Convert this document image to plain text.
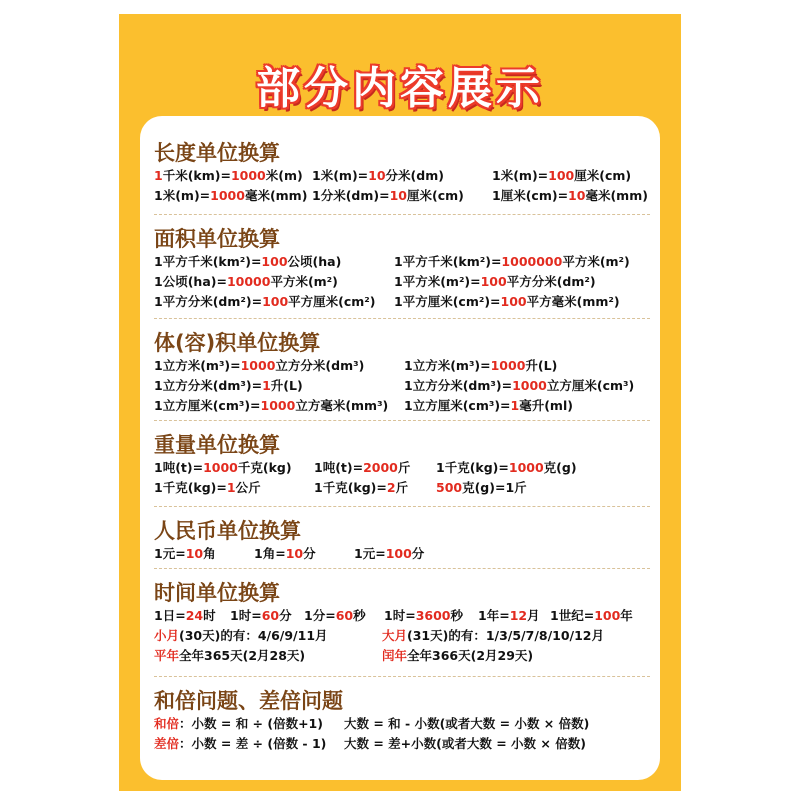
部分内容展示
长度单位换算
1千米(km)=1000米(m) 1米(m)=10分米(dm)	1米(m)=100厘米(cm)
1米(m)=1000毫米(mm) 1分米(dm)=10厘米(cm) 1厘米(cm)=10毫米(mm)
面积单位换算
1平方千米(km²)=100公顷(ha)	1平方千米(km²)=1000000平方米(m²)
1公顷(ha)=10000平方米(m²)	1平方米(m²)=100平方分米(dm²)
1平方分米(dm²)=100平方厘米(cm²) 1平方厘米(cm²)=100平方毫米(mm²)
体(容)积单位换算
1立方米(m³)=1000立方分米(dm³)	1立方米(m³)=1000升(L)
1立方分米(dm³)=1升(L)	1立方分米(dm³)=1000立方厘米(cm³)
1立方厘米(cm³)=1000立方毫米(mm³) 1立方厘米(cm³)=1毫升(ml)
重量单位换算
1吨(t)=1000千克(kg) 1吨(t)=2000斤 1千克(kg)=1000克(g)
1千克(kg)=1公斤	1千克(kg)=2斤 500克(g)=1斤
人民币单位换算
1元=10角	1角=10分	1元=100分
时间单位换算
1日=24时 1时=60分 1分=60秒 1时=3600秒 1年=12月 1世纪=100年
小月(30天)的有：4/6/9/11月	大月(31天)的有：1/3/5/7/8/10/12月
平年全年365天(2月28天)	闰年全年366天(2月29天)
和倍问题、差倍问题
和倍：小数 = 和 ÷ (倍数+1) 大数 = 和 - 小数(或者大数 = 小数 × 倍数)
差倍：小数 = 差 ÷ (倍数 - 1) 大数 = 差+小数(或者大数 = 小数 × 倍数)
